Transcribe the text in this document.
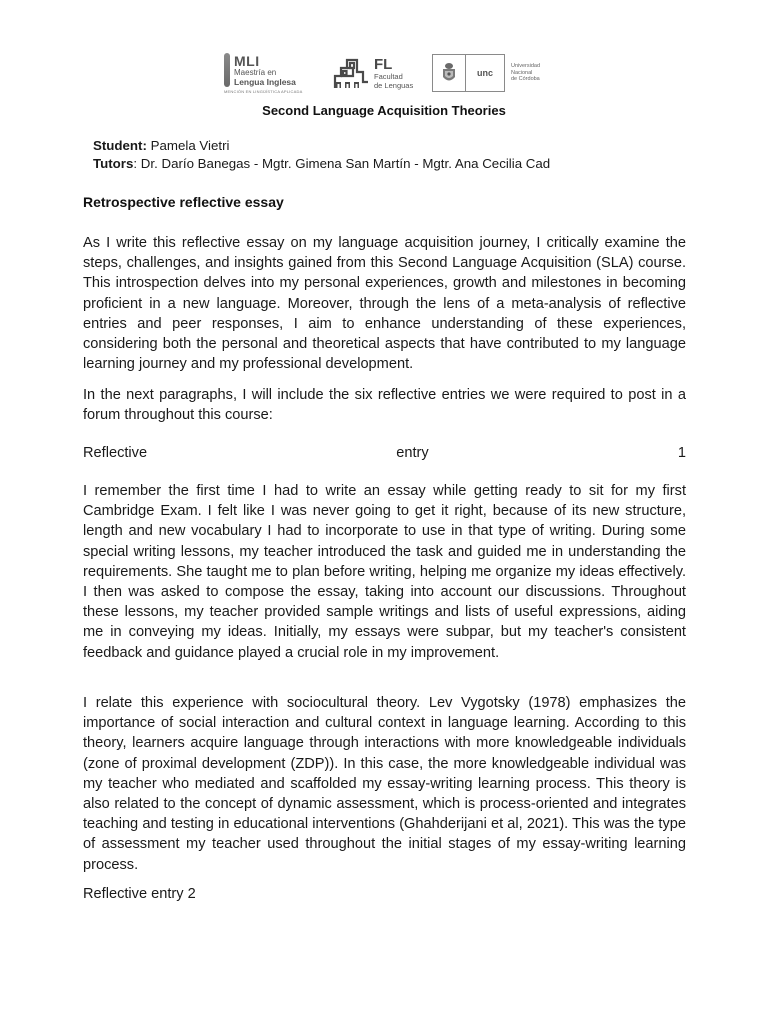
MLI
Maestría en
Lengua Inglesa
MENCIÓN EN LINGÜÍSTICA APLICADA
FL
Facultad
de Lenguas
unc
Universidad
Nacional
de Córdoba
Second Language Acquisition Theories
Student: Pamela Vietri
Tutors: Dr. Darío Banegas - Mgtr. Gimena San Martín - Mgtr. Ana Cecilia Cad
Retrospective reflective essay

As I write this reflective essay on my language acquisition journey, I critically examine the steps, challenges, and insights gained from this Second Language Acquisition (SLA) course. This introspection delves into my personal experiences, growth and milestones in becoming proficient in a new language. Moreover, through the lens of a meta-analysis of reflective entries and peer responses, I aim to enhance understanding of these experiences, considering both the personal and theoretical aspects that have contributed to my language learning journey and my professional development.

In the next paragraphs, I will include the six reflective entries we were required to post in a forum throughout this course:

Reflective	entry	1

I remember the first time I had to write an essay while getting ready to sit for my first Cambridge Exam. I felt like I was never going to get it right, because of its new structure, length and new vocabulary I had to incorporate to use in that type of writing. During some special writing lessons, my teacher introduced the task and guided me in understanding the requirements. She taught me to plan before writing, helping me organize my ideas effectively. I then was asked to compose the essay, taking into account our discussions. Throughout these lessons, my teacher provided sample writings and lists of useful expressions, aiding me in conveying my ideas. Initially, my essays were subpar, but my teacher's consistent feedback and guidance played a crucial role in my improvement.

I relate this experience with sociocultural theory. Lev Vygotsky (1978) emphasizes the importance of social interaction and cultural context in language learning. According to this theory, learners acquire language through interactions with more knowledgeable individuals (zone of proximal development (ZDP)). In this case, the more knowledgeable individual was my teacher who mediated and scaffolded my essay-writing learning process. This theory is also related to the concept of dynamic assessment, which is process-oriented and integrates teaching and testing in educational interventions (Ghahderijani et al, 2021). This was the type of assessment my teacher used throughout the initial stages of my essay-writing learning process.

Reflective entry 2
